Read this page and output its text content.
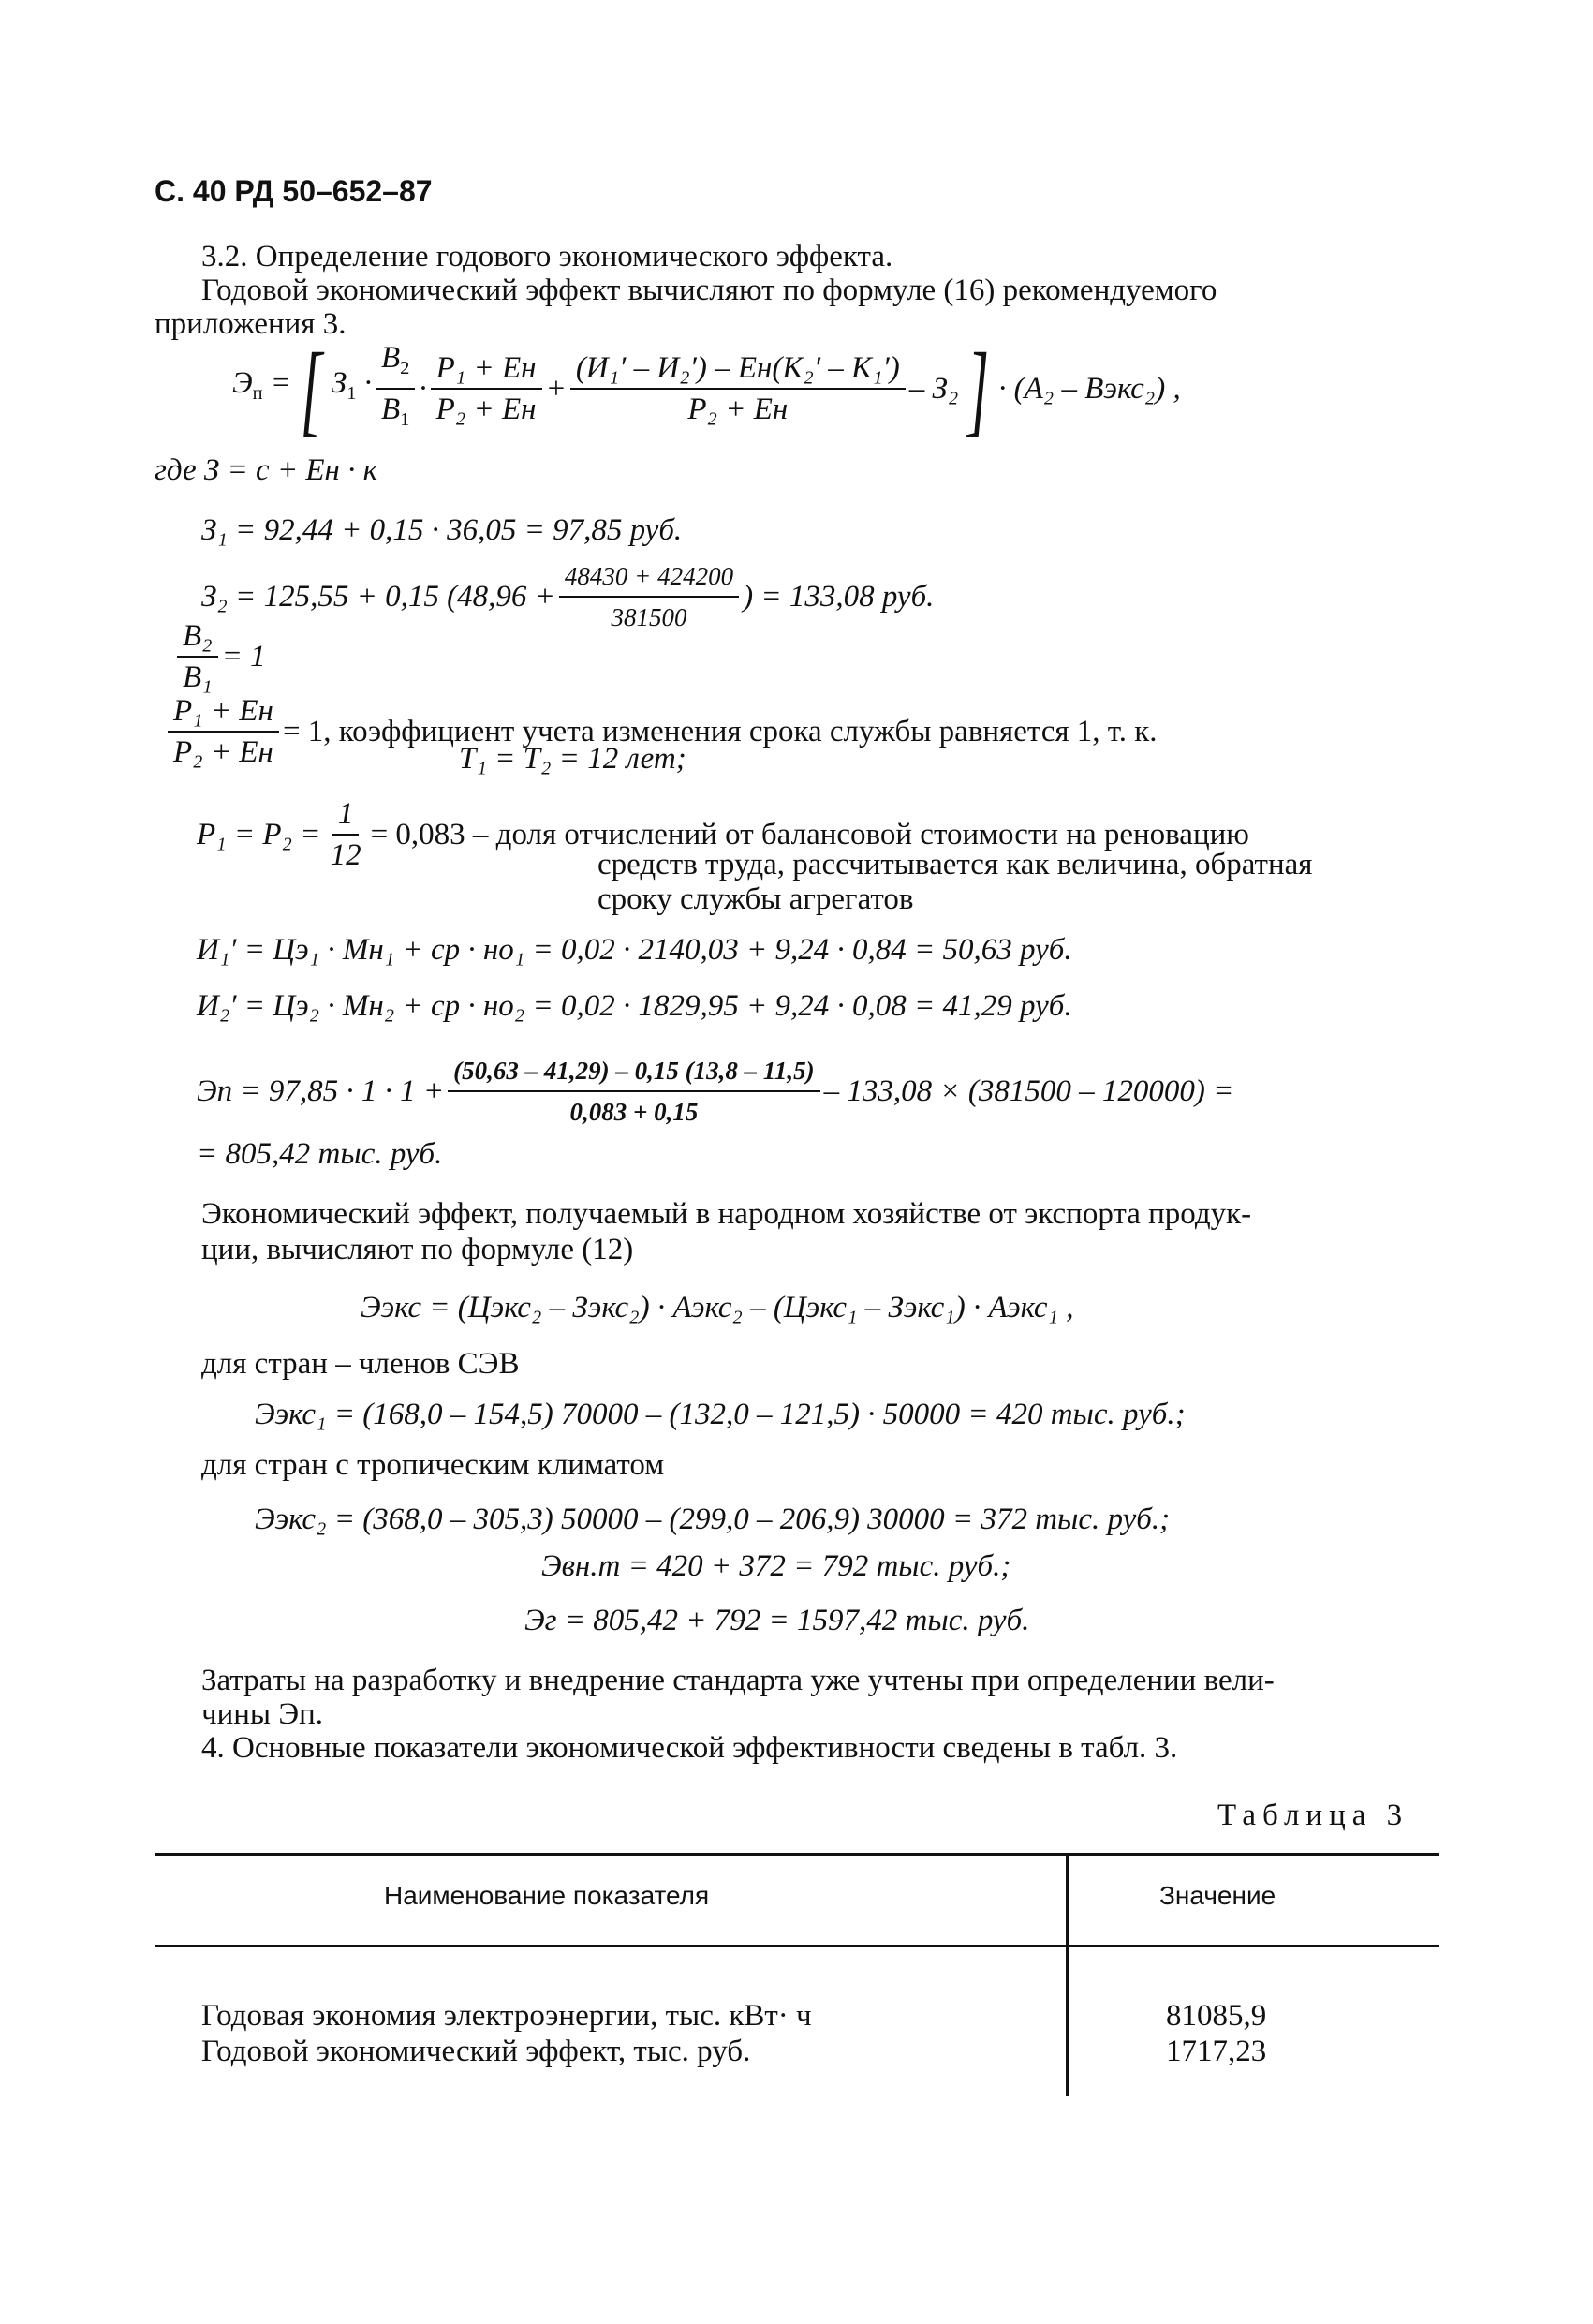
С. 40 РД 50–652–87
3.2. Определение годового экономического эффекта.
Годовой экономический эффект вычисляют по формуле (16) рекомендуемого
приложения 3.
$Э_п$ = [ $З_1 \cdot \frac{В_2}{В_1} \cdot \frac{\text{P₁ + Eн}}{\text{P₂ + Eн}} + \frac{\text{(И₁′ – И₂′) – Eн(K₂′ – K₁′)}}{\text{P₂ + Eн}} - З_2$ ] · (A₂ – Bэкс₂) ,
где З = c + Eн · к
З₁ = 92,44 + 0,15 · 36,05 = 97,85 руб.
З₂ = 125,55 + 0,15 ($48,96 + \frac{48430 + 424200}{381500}$ ) = 133,08 руб.
$\frac{\text{B₂}}{\text{B₁}} = 1$
$\frac{\text{P₁ + Eн}}{\text{P₂ + Eн}} = 1$, коэффициент учета изменения срока службы равняется 1, т. к.
T₁ = T₂ = 12 лет;
$P_1 = P_2 = \frac{1}{12} = 0,083$ – доля отчислений от балансовой стоимости на реновацию
средств труда, рассчитывается как величина, обратная
сроку службы агрегатов
И₁′ = Цэ₁ · Мн₁ + cр · нo₁ = 0,02 · 2140,03 + 9,24 · 0,84 = 50,63 руб.
И₂′ = Цэ₂ · Мн₂ + cр · нo₂ = 0,02 · 1829,95 + 9,24 · 0,08 = 41,29 руб.
Эп = $97,85 \cdot 1 \cdot 1 + \frac{(50,63 - 41,29) - 0,15 (13,8 - 11,5)}{0,083 + 0,15} - 133,08 \times (381500 - 120000)$ =
= 805,42 тыс. руб.
Экономический эффект, получаемый в народном хозяйстве от экспорта продук-
ции, вычисляют по формуле (12)
Ээкс = (Цэкс₂ – Зэкс₂) · Аэкс₂ – (Цэкс₁ – Зэкс₁) · Аэкс₁ ,
для стран – членов СЭВ
Ээкс₁ = (168,0 – 154,5) 70000 – (132,0 – 121,5) · 50000 = 420 тыс. руб.;
для стран с тропическим климатом
Ээкс₂ = (368,0 – 305,3) 50000 – (299,0 – 206,9) 30000 = 372 тыс. руб.;
Эвн.т = 420 + 372 = 792 тыс. руб.;
Эг = 805,42 + 792 = 1597,42 тыс. руб.
Затраты на разработку и внедрение стандарта уже учтены при определении вели-
чины Эп.
4. Основные показатели экономической эффективности сведены в табл. 3.
Таблица 3
Наименование показателя	Значение
Годовая экономия электроэнергии, тыс. кВт· ч	81085,9
Годовой экономический эффект, тыс. руб.	1717,23
